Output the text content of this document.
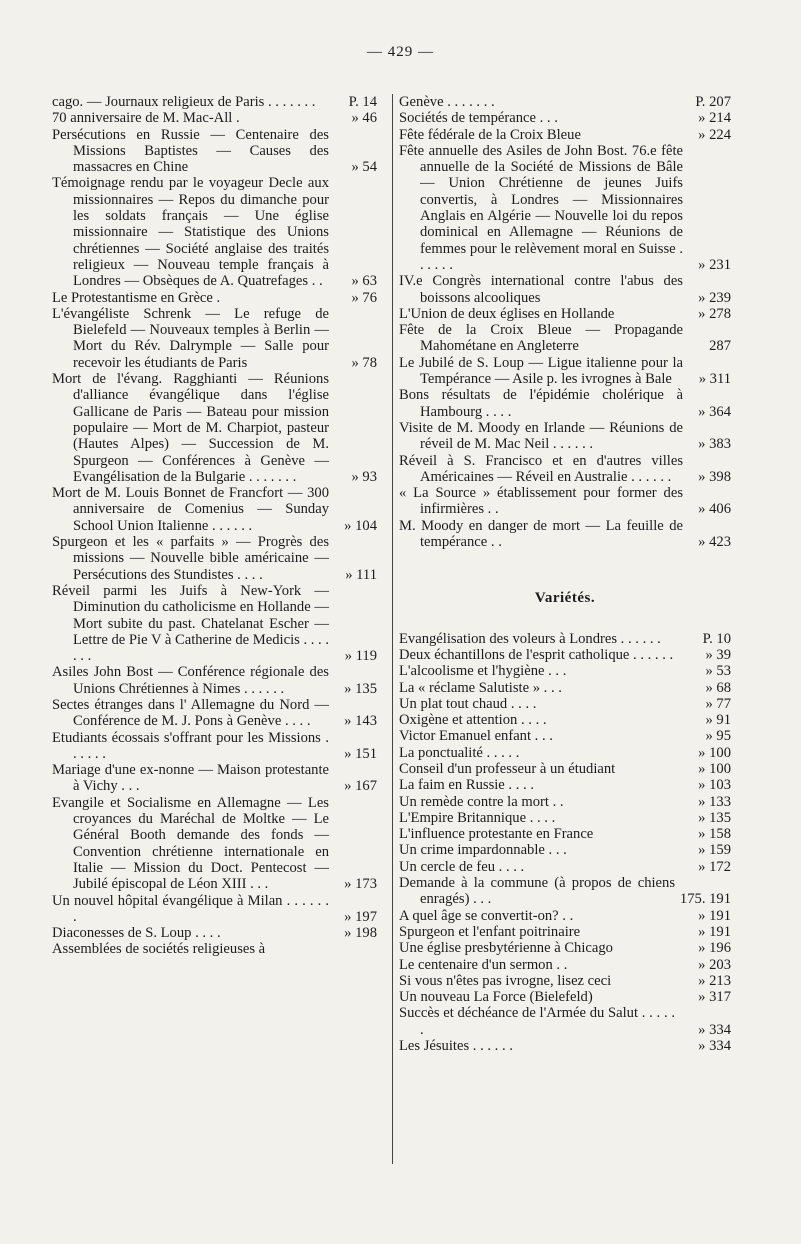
— 429 —
cago. — Journaux religieux de Paris . . . . . . . P. 14
70 anniversaire de M. Mac-All .	» 46
Persécutions en Russie — Centenaire des Missions Baptistes — Causes des massacres en Chine	» 54
Témoignage rendu par le voyageur Decle aux missionnaires — Repos du dimanche pour les soldats français — Une église missionnaire — Statistique des Unions chrétiennes — Société anglaise des traités religieux — Nouveau temple français à Londres — Obsèques de A. Quatrefages . . » 63
Le Protestantisme en Grèce .	» 76
L'évangéliste Schrenk — Le refuge de Bielefeld — Nouveaux temples à Berlin — Mort du Rév. Dalrymple — Salle pour recevoir les étudiants de Paris	» 78
Mort de l'évang. Ragghianti — Réunions d'alliance évangélique dans l'église Gallicane de Paris — Bateau pour mission populaire — Mort de M. Charpiot, pasteur (Hautes Alpes) — Succession de M. Spurgeon — Conférences à Genève — Evangélisation de la Bulgarie . . . . . . .	» 93
Mort de M. Louis Bonnet de Francfort — 300 anniversaire de Comenius — Sunday School Union Italienne . . . . . .	» 104
Spurgeon et les « parfaits » — Progrès des missions — Nouvelle bible américaine — Persécutions des Stundistes . . . .	» 111
Réveil parmi les Juifs à New-York — Diminution du catholicisme en Hollande — Mort subite du past. Chatelanat Escher — Lettre de Pie V à Catherine de Medicis . . . . . . .	» 119
Asiles John Bost — Conférence régionale des Unions Chrétiennes à Nimes . . . . . .	» 135
Sectes étranges dans l' Allemagne du Nord — Conférence de M. J. Pons à Genève . . . . » 143
Etudiants écossais s'offrant pour les Missions . . . . . .	» 151
Mariage d'une ex-nonne — Maison protestante à Vichy . . .	» 167
Evangile et Socialisme en Allemagne — Les croyances du Maréchal de Moltke — Le Général Booth demande des fonds — Convention chrétienne internationale en Italie — Mission du Doct. Pentecost — Jubilé épiscopal de Léon XIII . . .	» 173
Un nouvel hôpital évangélique à Milan . . . . . . .	» 197
Diaconesses de S. Loup . . . .	» 198
Assemblées de sociétés religieuses à
Genève . . . . . . .	P. 207
Sociétés de tempérance . . .	» 214
Fête fédérale de la Croix Bleue	» 224
Fête annuelle des Asiles de John Bost. 76.e fête annuelle de la Société de Missions de Bâle — Union Chrétienne de jeunes Juifs convertis, à Londres — Missionnaires Anglais en Algérie — Nouvelle loi du repos dominical en Allemagne — Réunions de femmes pour le relèvement moral en Suisse . . . . . .	» 231
IV.e Congrès international contre l'abus des boissons alcooliques	» 239
L'Union de deux églises en Hollande	» 278
Fête de la Croix Bleue — Propagande Mahométane en Angleterre	287
Le Jubilé de S. Loup — Ligue italienne pour la Tempérance — Asile p. les ivrognes à Bale » 311
Bons résultats de l'épidémie cholérique à Hambourg . . . .	» 364
Visite de M. Moody en Irlande — Réunions de réveil de M. Mac Neil . . . . . .	» 383
Réveil à S. Francisco et en d'autres villes Américaines — Réveil en Australie . . . . . . » 398
« La Source » établissement pour former des infirmières . .	» 406
M. Moody en danger de mort — La feuille de tempérance . .	» 423
Variétés.
Evangélisation des voleurs à Londres . . . . . .	P. 10
Deux échantillons de l'esprit catholique . . . . . . » 39
L'alcoolisme et l'hygiène . . .	» 53
La « réclame Salutiste » . . .	» 68
Un plat tout chaud . . . .	» 77
Oxigène et attention . . . .	» 91
Victor Emanuel enfant . . .	» 95
La ponctualité . . . . .	» 100
Conseil d'un professeur à un étudiant	» 100
La faim en Russie . . . .	» 103
Un remède contre la mort . .	» 133
L'Empire Britannique . . . .	» 135
L'influence protestante en France	» 158
Un crime impardonnable . . .	» 159
Un cercle de feu . . . .	» 172
Demande à la commune (à propos de chiens enragés) . . .	175. 191
A quel âge se convertit-on? . .	» 191
Spurgeon et l'enfant poitrinaire	» 191
Une église presbytérienne à Chicago	» 196
Le centenaire d'un sermon . .	» 203
Si vous n'êtes pas ivrogne, lisez ceci	» 213
Un nouveau La Force (Bielefeld)	» 317
Succès et déchéance de l'Armée du Salut . . . . . .	» 334
Les Jésuites . . . . . .	» 334
